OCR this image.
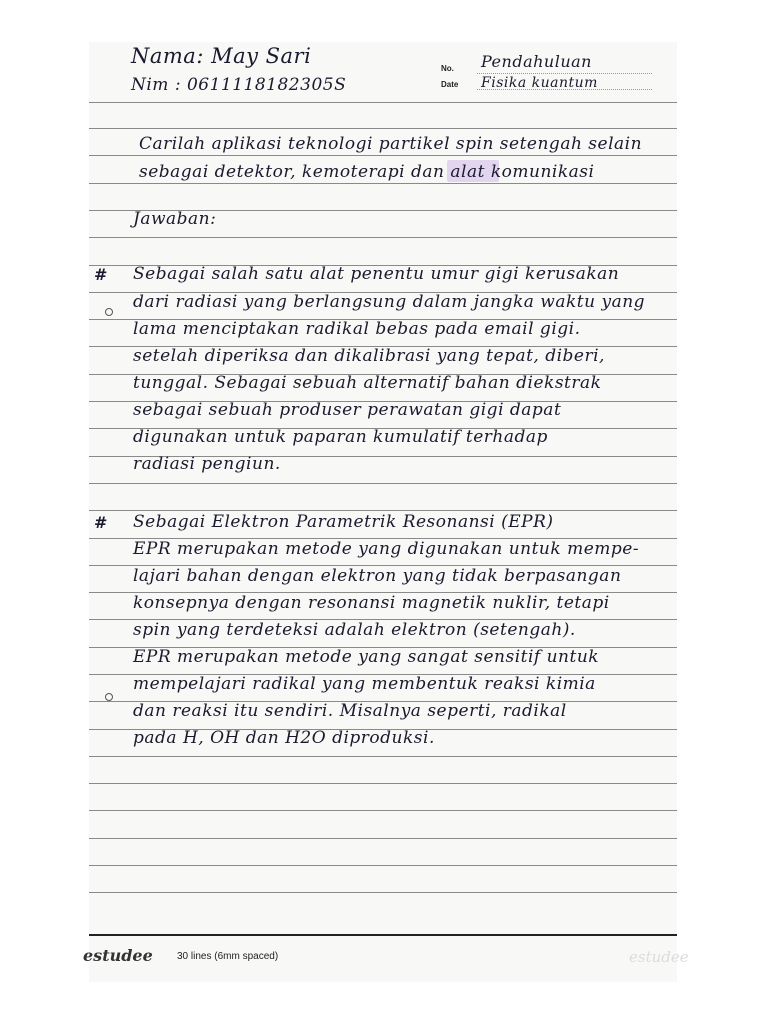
Nama: May Sari
Nim : 0611118182305S
No.
Date
Pendahuluan
Fisika kuantum
Carilah aplikasi teknologi partikel spin setengah selain
sebagai detektor, kemoterapi dan alat komunikasi
Jawaban:
# Sebagai salah satu alat penentu umur gigi kerusakan
dari radiasi yang berlangsung dalam jangka waktu yang
lama menciptakan radikal bebas pada email gigi.
setelah diperiksa dan dikalibrasi yang tepat, diberi,
tunggal. Sebagai sebuah alternatif bahan diekstrak
sebagai sebuah produser perawatan gigi dapat
digunakan untuk paparan kumulatif terhadap
radiasi pengiun.
# Sebagai Elektron Parametrik Resonansi (EPR)
EPR merupakan metode yang digunakan untuk mempe-
lajari bahan dengan elektron yang tidak berpasangan
konsepnya dengan resonansi magnetik nuklir, tetapi
spin yang terdeteksi adalah elektron (setengah).
EPR merupakan metode yang sangat sensitif untuk
mempelajari radikal yang membentuk reaksi kimia
dan reaksi itu sendiri. Misalnya seperti, radikal
pada H, OH dan H2O diproduksi.
estudee 30 lines (6mm spaced)	estudee
